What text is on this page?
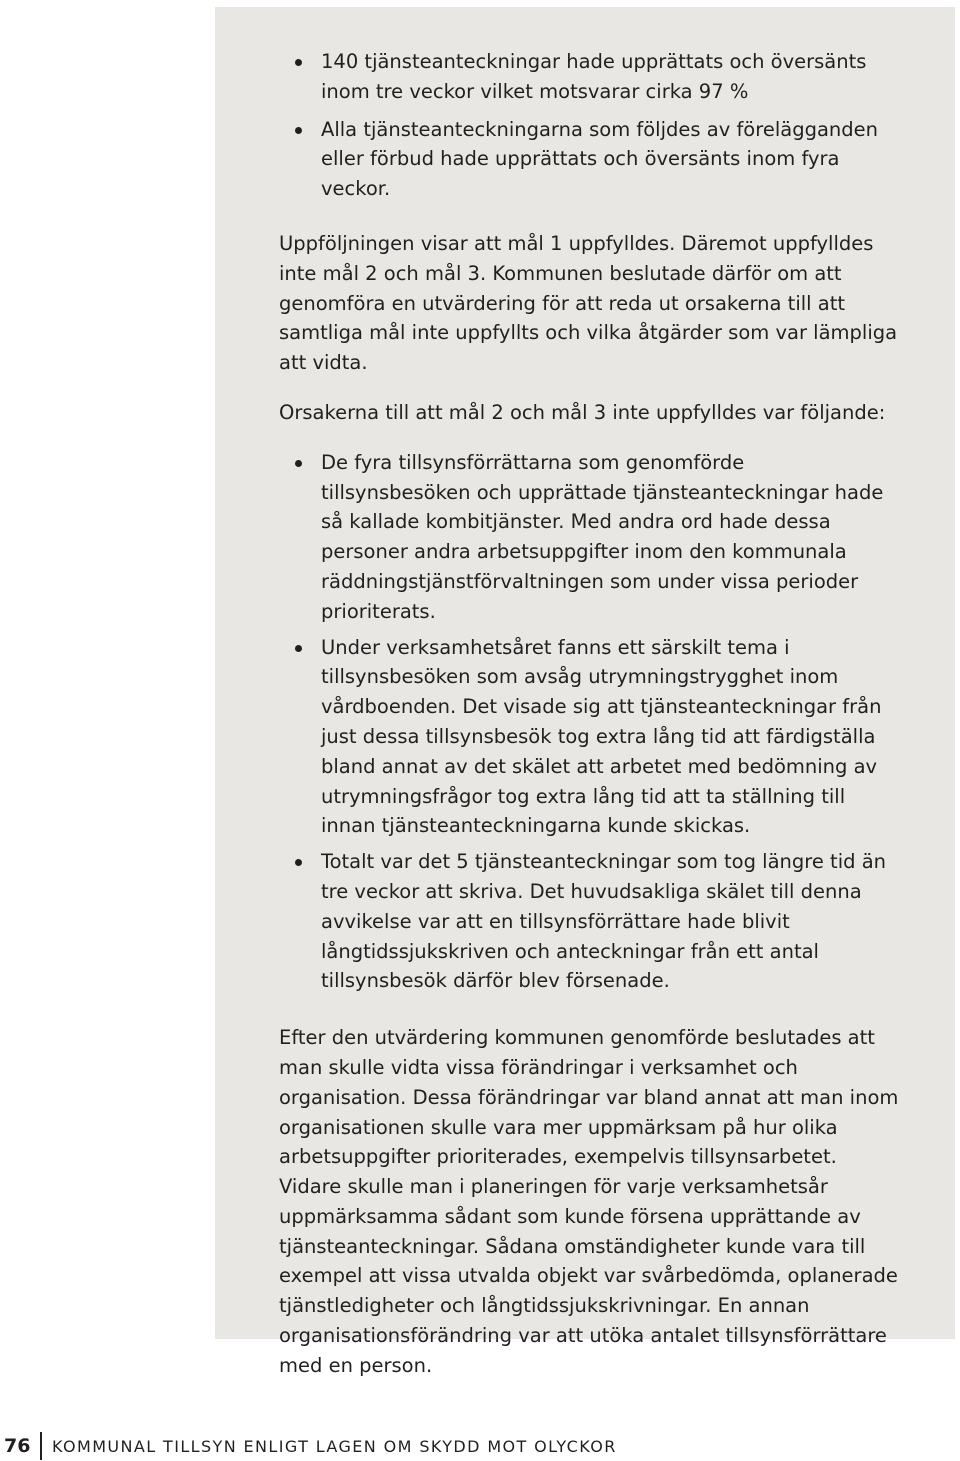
140 tjänsteanteckningar hade upprättats och översänts inom tre veckor vilket motsvarar cirka 97 %
Alla tjänsteanteckningarna som följdes av förelägganden eller förbud hade upprättats och översänts inom fyra veckor.

Uppföljningen visar att mål 1 uppfylldes. Däremot uppfylldes inte mål 2 och mål 3. Kommunen beslutade därför om att genomföra en utvärdering för att reda ut orsakerna till att samtliga mål inte uppfyllts och vilka åtgärder som var lämpliga att vidta.

Orsakerna till att mål 2 och mål 3 inte uppfylldes var följande:

De fyra tillsynsförrättarna som genomförde tillsynsbesöken och upprättade tjänsteanteckningar hade så kallade kombitjänster. Med andra ord hade dessa personer andra arbetsuppgifter inom den kommunala räddningstjänstförvaltningen som under vissa perioder prioriterats.
Under verksamhetsåret fanns ett särskilt tema i tillsynsbesöken som avsåg utrymningstrygghet inom vårdboenden. Det visade sig att tjänsteanteckningar från just dessa tillsynsbesök tog extra lång tid att färdigställa bland annat av det skälet att arbetet med bedömning av utrymningsfrågor tog extra lång tid att ta ställning till innan tjänsteanteckningarna kunde skickas.
Totalt var det 5 tjänsteanteckningar som tog längre tid än tre veckor att skriva. Det huvudsakliga skälet till denna avvikelse var att en tillsynsförrättare hade blivit långtidssjukskriven och anteckningar från ett antal tillsynsbesök därför blev försenade.

Efter den utvärdering kommunen genomförde beslutades att man skulle vidta vissa förändringar i verksamhet och organisation. Dessa förändringar var bland annat att man inom organisationen skulle vara mer uppmärksam på hur olika arbetsuppgifter prioriterades, exempelvis tillsynsarbetet. Vidare skulle man i planeringen för varje verksamhetsår uppmärksamma sådant som kunde försena upprättande av tjänsteanteckningar. Sådana omständigheter kunde vara till exempel att vissa utvalda objekt var svårbedömda, oplanerade tjänstledigheter och långtidssjukskrivningar. En annan organisationsförändring var att utöka antalet tillsynsförrättare med en person.

76 KOMMUNAL TILLSYN ENLIGT LAGEN OM SKYDD MOT OLYCKOR
